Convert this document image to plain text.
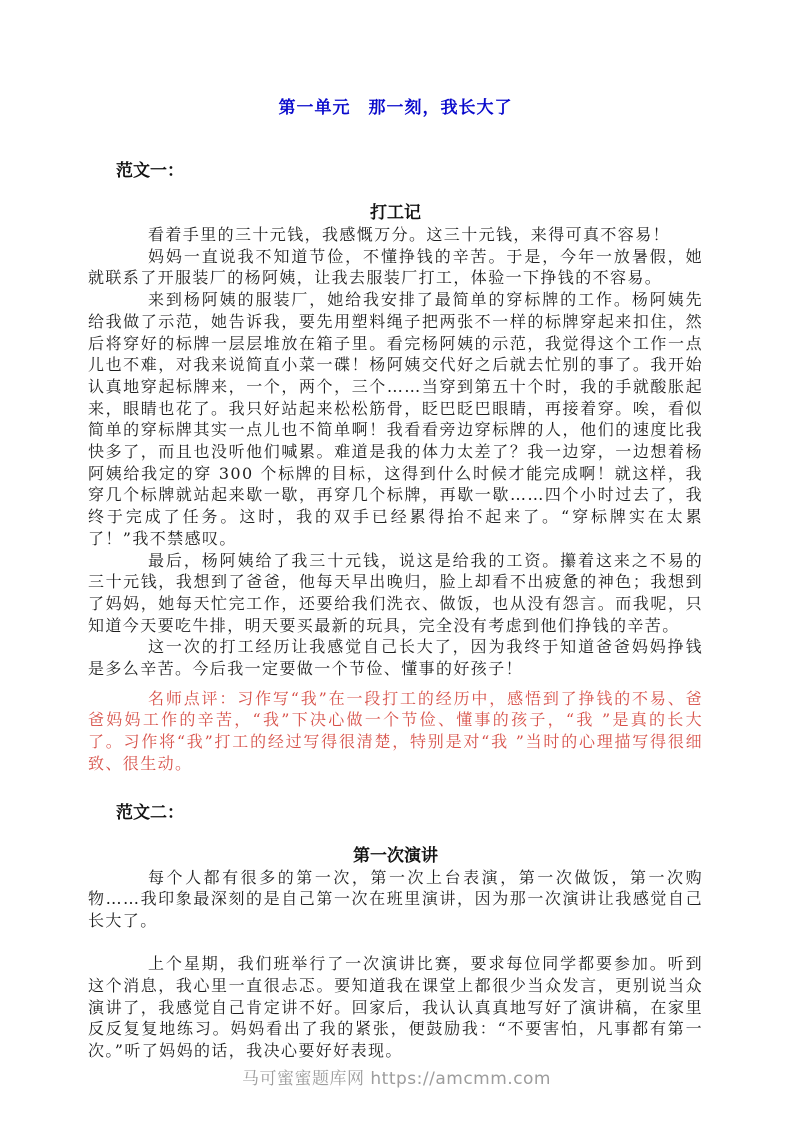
第一单元　那一刻，我长大了
范文一：
打工记

看着手里的三十元钱，我感慨万分。这三十元钱，来得可真不容易！

妈妈一直说我不知道节俭，不懂挣钱的辛苦。于是，今年一放暑假，她就联系了开服装厂的杨阿姨，让我去服装厂打工，体验一下挣钱的不容易。

来到杨阿姨的服装厂，她给我安排了最简单的穿标牌的工作。杨阿姨先给我做了示范，她告诉我，要先用塑料绳子把两张不一样的标牌穿起来扣住，然后将穿好的标牌一层层堆放在箱子里。看完杨阿姨的示范，我觉得这个工作一点儿也不难，对我来说简直小菜一碟！杨阿姨交代好之后就去忙别的事了。我开始认真地穿起标牌来，一个，两个，三个……当穿到第五十个时，我的手就酸胀起来，眼睛也花了。我只好站起来松松筋骨，眨巴眨巴眼睛，再接着穿。唉，看似简单的穿标牌其实一点儿也不简单啊！我看看旁边穿标牌的人，他们的速度比我快多了，而且也没听他们喊累。难道是我的体力太差了？我一边穿，一边想着杨阿姨给我定的穿 300 个标牌的目标，这得到什么时候才能完成啊！就这样，我穿几个标牌就站起来歇一歇，再穿几个标牌，再歇一歇……四个小时过去了，我终于完成了任务。这时，我的双手已经累得抬不起来了。“穿标牌实在太累了！”我不禁感叹。

最后，杨阿姨给了我三十元钱，说这是给我的工资。攥着这来之不易的三十元钱，我想到了爸爸，他每天早出晚归，脸上却看不出疲惫的神色；我想到了妈妈，她每天忙完工作，还要给我们洗衣、做饭，也从没有怨言。而我呢，只知道今天要吃牛排，明天要买最新的玩具，完全没有考虑到他们挣钱的辛苦。

这一次的打工经历让我感觉自己长大了，因为我终于知道爸爸妈妈挣钱是多么辛苦。今后我一定要做一个节俭、懂事的好孩子！

名师点评：习作写“我”在一段打工的经历中，感悟到了挣钱的不易、爸爸妈妈工作的辛苦，“我”下决心做一个节俭、懂事的孩子，“我 ”是真的长大了。习作将“我”打工的经过写得很清楚，特别是对“我 ”当时的心理描写得很细致、很生动。

范文二：
第一次演讲

每个人都有很多的第一次，第一次上台表演，第一次做饭，第一次购物……我印象最深刻的是自己第一次在班里演讲，因为那一次演讲让我感觉自己长大了。

上个星期，我们班举行了一次演讲比赛，要求每位同学都要参加。听到这个消息，我心里一直很忐忑。要知道我在课堂上都很少当众发言，更别说当众演讲了，我感觉自己肯定讲不好。回家后，我认认真真地写好了演讲稿，在家里反反复复地练习。妈妈看出了我的紧张，便鼓励我：“不要害怕，凡事都有第一次。”听了妈妈的话，我决心要好好表现。

马可蜜蜜题库网 https://amcmm.com
